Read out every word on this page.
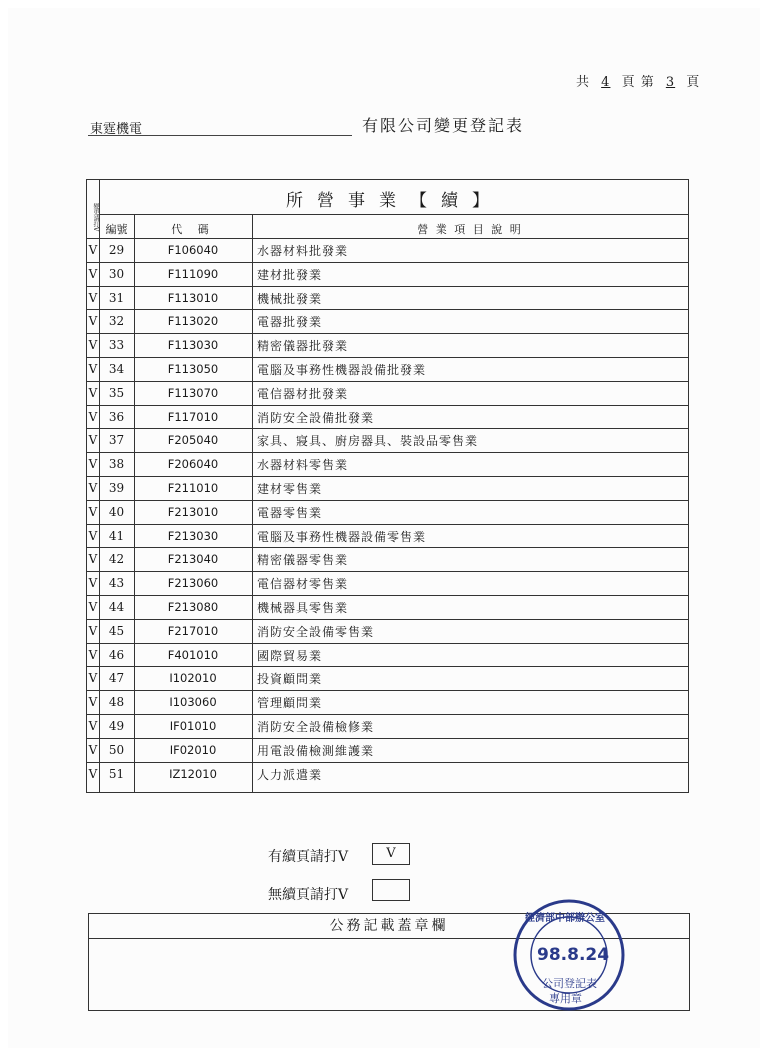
共 4 頁 第 3 頁
東霆機電	有限公司變更登記表
變更請打V
所營事業【續】
編號	代 碼	營 業 項 目 說 明
V 29	F106040	水器材料批發業
V 30	F111090	建材批發業
V 31	F113010	機械批發業
V 32	F113020	電器批發業
V 33	F113030	精密儀器批發業
V 34	F113050	電腦及事務性機器設備批發業
V 35	F113070	電信器材批發業
V 36	F117010	消防安全設備批發業
V 37	F205040	家具、寢具、廚房器具、裝設品零售業
V 38	F206040	水器材料零售業
V 39	F211010	建材零售業
V 40	F213010	電器零售業
V 41	F213030	電腦及事務性機器設備零售業
V 42	F213040	精密儀器零售業
V 43	F213060	電信器材零售業
V 44	F213080	機械器具零售業
V 45	F217010	消防安全設備零售業
V 46	F401010	國際貿易業
V 47	I102010	投資顧問業
V 48	I103060	管理顧問業
V 49	IF01010	消防安全設備檢修業
V 50	IF02010	用電設備檢測維護業
V 51	IZ12010	人力派遣業
有續頁請打V	V
無續頁請打V
公務記載蓋章欄	經濟部中部辦公室
98.8.24
公司登記表
專用章
